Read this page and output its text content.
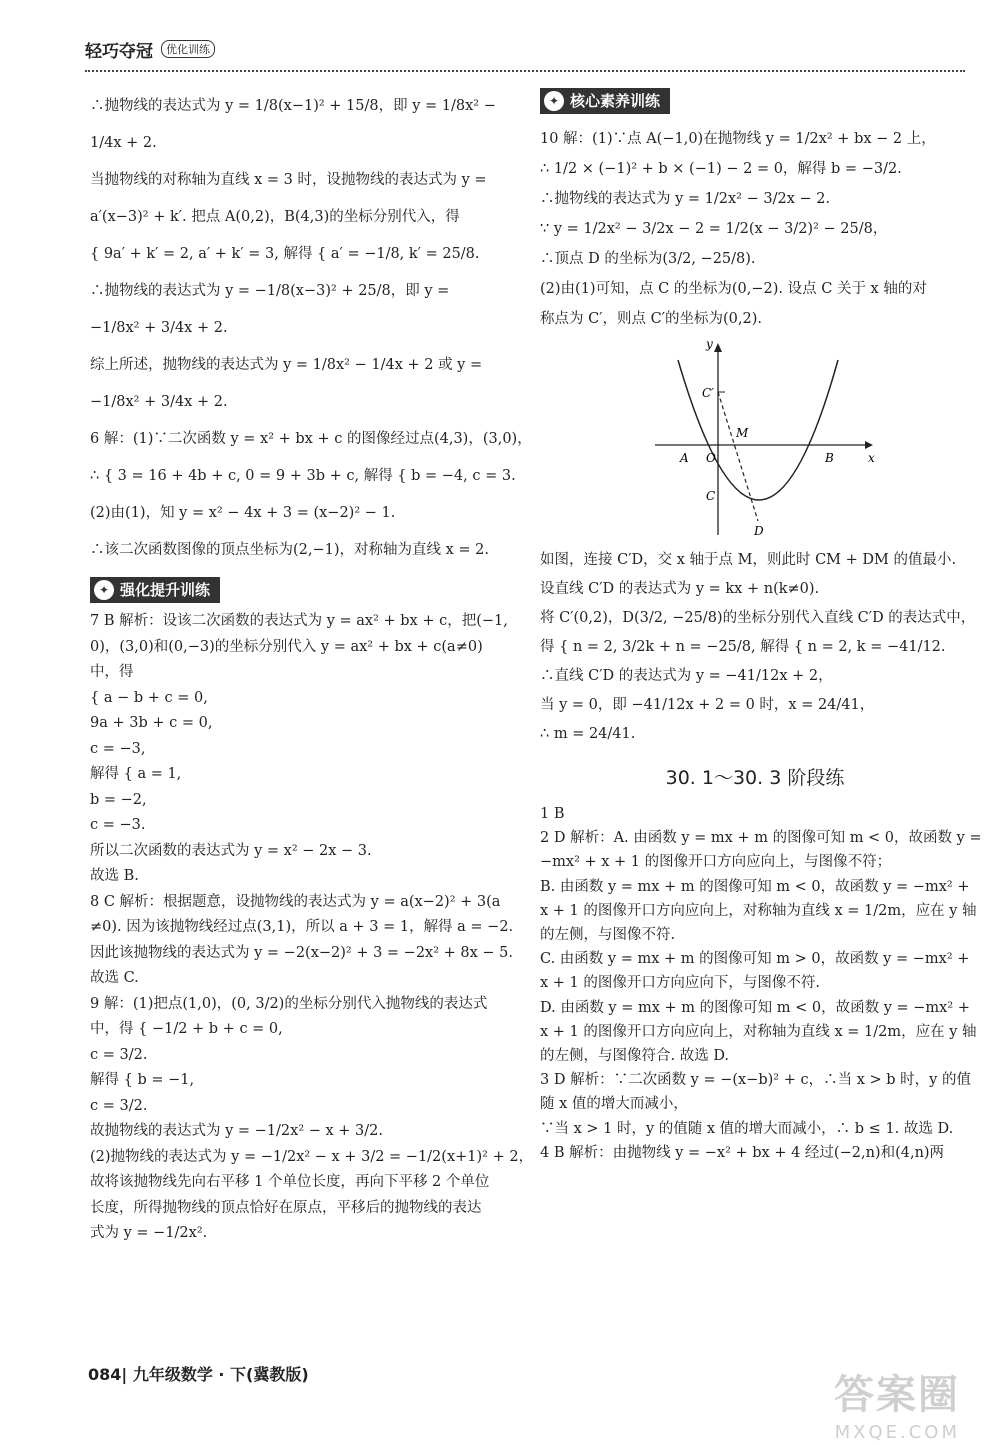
轻巧夺冠	优化训练
∴抛物线的表达式为 y = 1/8(x−1)² + 15/8，即 y = 1/8x² −
1/4x + 2.
当抛物线的对称轴为直线 x = 3 时，设抛物线的表达式为 y =
a′(x−3)² + k′. 把点 A(0,2)，B(4,3)的坐标分别代入，得
{ 9a′ + k′ = 2, a′ + k′ = 3, 解得 { a′ = −1/8, k′ = 25/8.
∴抛物线的表达式为 y = −1/8(x−3)² + 25/8，即 y =
−1/8x² + 3/4x + 2.
综上所述，抛物线的表达式为 y = 1/8x² − 1/4x + 2 或 y =
−1/8x² + 3/4x + 2.
6 解：(1)∵二次函数 y = x² + bx + c 的图像经过点(4,3)，(3,0)，
∴ { 3 = 16 + 4b + c, 0 = 9 + 3b + c, 解得 { b = −4, c = 3.
(2)由(1)，知 y = x² − 4x + 3 = (x−2)² − 1.
∴该二次函数图像的顶点坐标为(2,−1)，对称轴为直线 x = 2.
✦ 强化提升训练
7 B 解析：设该二次函数的表达式为 y = ax² + bx + c，把(−1,
0)，(3,0)和(0,−3)的坐标分别代入 y = ax² + bx + c(a≠0)
中，得
{ a − b + c = 0,
9a + 3b + c = 0,
c = −3,
解得 { a = 1,
b = −2,
c = −3.
所以二次函数的表达式为 y = x² − 2x − 3.
故选 B.
8 C 解析：根据题意，设抛物线的表达式为 y = a(x−2)² + 3(a
≠0). 因为该抛物线经过点(3,1)，所以 a + 3 = 1，解得 a = −2.
因此该抛物线的表达式为 y = −2(x−2)² + 3 = −2x² + 8x − 5.
故选 C.
9 解：(1)把点(1,0)，(0, 3/2)的坐标分别代入抛物线的表达式
中，得 { −1/2 + b + c = 0,
c = 3/2.
解得 { b = −1,
c = 3/2.
故抛物线的表达式为 y = −1/2x² − x + 3/2.
(2)抛物线的表达式为 y = −1/2x² − x + 3/2 = −1/2(x+1)² + 2，
故将该抛物线先向右平移 1 个单位长度，再向下平移 2 个单位
长度，所得抛物线的顶点恰好在原点，平移后的抛物线的表达
式为 y = −1/2x².
✦ 核心素养训练
10 解：(1)∵点 A(−1,0)在抛物线 y = 1/2x² + bx − 2 上，
∴ 1/2 × (−1)² + b × (−1) − 2 = 0，解得 b = −3/2.
∴抛物线的表达式为 y = 1/2x² − 3/2x − 2.
∵ y = 1/2x² − 3/2x − 2 = 1/2(x − 3/2)² − 25/8，
∴顶点 D 的坐标为(3/2, −25/8).
(2)由(1)可知，点 C 的坐标为(0,−2). 设点 C 关于 x 轴的对
称点为 C′，则点 C′的坐标为(0,2).
y
x
C′
M
A O	B
C
D
如图，连接 C′D，交 x 轴于点 M，则此时 CM + DM 的值最小.
设直线 C′D 的表达式为 y = kx + n(k≠0).
将 C′(0,2)，D(3/2, −25/8)的坐标分别代入直线 C′D 的表达式中，
得 { n = 2, 3/2k + n = −25/8, 解得 { n = 2, k = −41/12.
∴直线 C′D 的表达式为 y = −41/12x + 2，
当 y = 0，即 −41/12x + 2 = 0 时，x = 24/41，
∴ m = 24/41.
30. 1～30. 3 阶段练
1 B
2 D 解析：A. 由函数 y = mx + m 的图像可知 m < 0，故函数 y =
−mx² + x + 1 的图像开口方向应向上，与图像不符；
B. 由函数 y = mx + m 的图像可知 m < 0，故函数 y = −mx² +
x + 1 的图像开口方向应向上，对称轴为直线 x = 1/2m，应在 y 轴
的左侧，与图像不符.
C. 由函数 y = mx + m 的图像可知 m > 0，故函数 y = −mx² +
x + 1 的图像开口方向应向下，与图像不符.
D. 由函数 y = mx + m 的图像可知 m < 0，故函数 y = −mx² +
x + 1 的图像开口方向应向上，对称轴为直线 x = 1/2m，应在 y 轴
的左侧，与图像符合. 故选 D.
3 D 解析：∵二次函数 y = −(x−b)² + c，∴当 x > b 时，y 的值
随 x 值的增大而减小，
∵当 x > 1 时，y 的值随 x 值的增大而减小，∴ b ≤ 1. 故选 D.
4 B 解析：由抛物线 y = −x² + bx + 4 经过(−2,n)和(4,n)两
084| 九年级数学 · 下(冀教版)	答案圈
MXQE.COM
